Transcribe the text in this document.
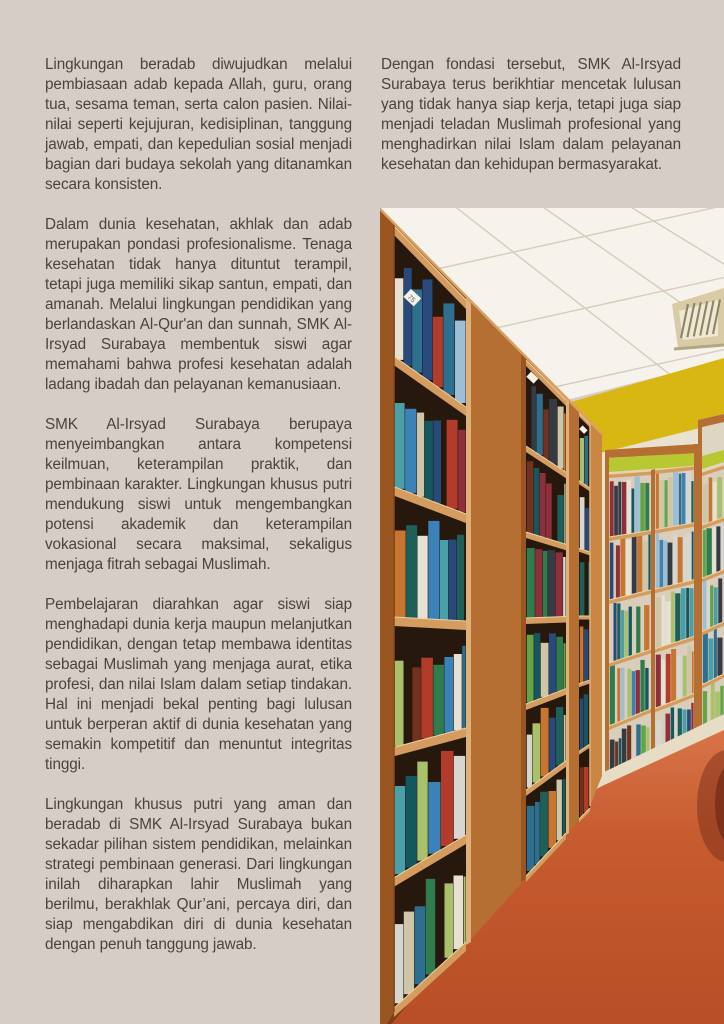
Lingkungan beradab diwujudkan melalui pembiasaan adab kepada Allah, guru, orang tua, sesama teman, serta calon pasien. Nilai-nilai seperti kejujuran, kedisiplinan, tanggung jawab, empati, dan kepedulian sosial menjadi bagian dari budaya sekolah yang ditanamkan secara konsisten.

Dalam dunia kesehatan, akhlak dan adab merupakan pondasi profesionalisme. Tenaga kesehatan tidak hanya dituntut terampil, tetapi juga memiliki sikap santun, empati, dan amanah. Melalui lingkungan pendidikan yang berlandaskan Al-Qur'an dan sunnah, SMK Al-Irsyad Surabaya membentuk siswi agar memahami bahwa profesi kesehatan adalah ladang ibadah dan pelayanan kemanusiaan.

SMK Al-Irsyad Surabaya berupaya menyeimbangkan antara kompetensi keilmuan, keterampilan praktik, dan pembinaan karakter. Lingkungan khusus putri mendukung siswi untuk mengembangkan potensi akademik dan keterampilan vokasional secara maksimal, sekaligus menjaga fitrah sebagai Muslimah.

Pembelajaran diarahkan agar siswi siap menghadapi dunia kerja maupun melanjutkan pendidikan, dengan tetap membawa identitas sebagai Muslimah yang menjaga aurat, etika profesi, dan nilai Islam dalam setiap tindakan. Hal ini menjadi bekal penting bagi lulusan untuk berperan aktif di dunia kesehatan yang semakin kompetitif dan menuntut integritas tinggi.

Lingkungan khusus putri yang aman dan beradab di SMK Al-Irsyad Surabaya bukan sekadar pilihan sistem pendidikan, melainkan strategi pembinaan generasi. Dari lingkungan inilah diharapkan lahir Muslimah yang berilmu, berakhlak Qur’ani, percaya diri, dan siap mengabdikan diri di dunia kesehatan dengan penuh tanggung jawab.

Dengan fondasi tersebut, SMK Al-Irsyad Surabaya terus berikhtiar mencetak lulusan yang tidak hanya siap kerja, tetapi juga siap menjadi teladan Muslimah profesional yang menghadirkan nilai Islam dalam pelayanan kesehatan dan kehidupan bermasyarakat.

75
